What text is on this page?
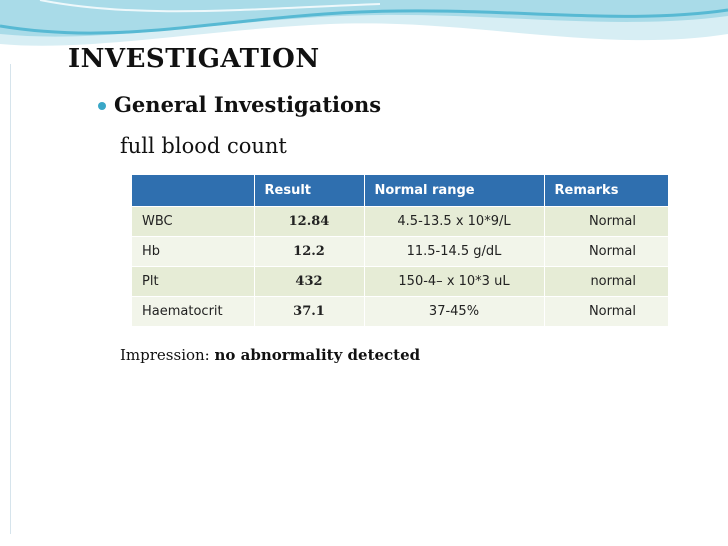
INVESTIGATION
General Investigations
full blood count
	Result	Normal range	Remarks
WBC	12.84	4.5-13.5 x 10*9/L	Normal
Hb	12.2	11.5-14.5 g/dL	Normal
Plt	432	150-4– x 10*3 uL	normal
Haematocrit	37.1	37-45%	Normal
Impression: no abnormality detected
